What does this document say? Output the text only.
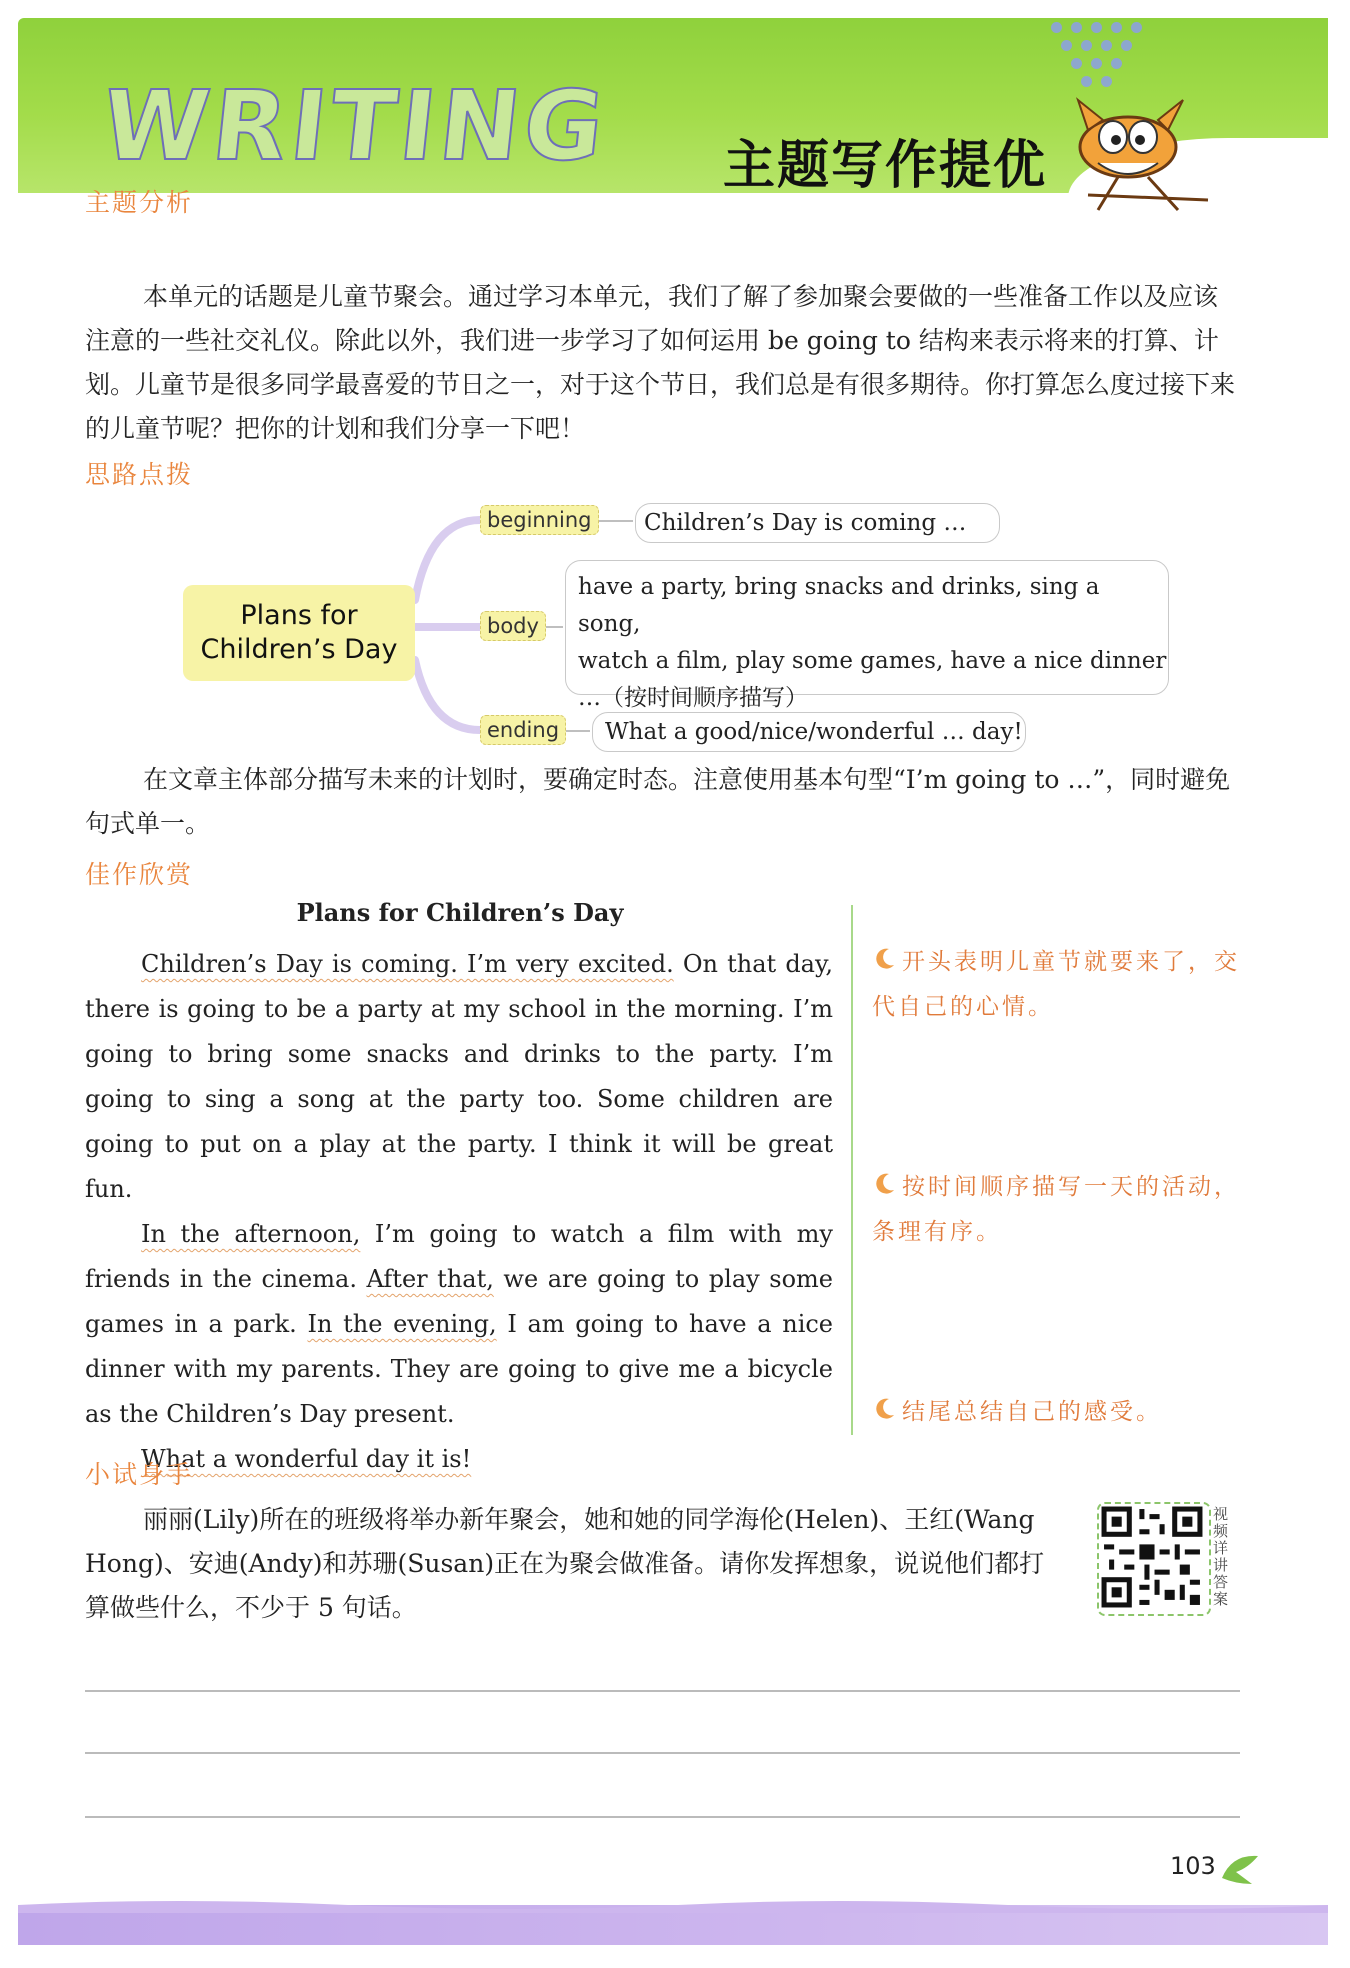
WRITING 主题写作提优
主题分析

本单元的话题是儿童节聚会。通过学习本单元，我们了解了参加聚会要做的一些准备工作以及应该注意的一些社交礼仪。除此以外，我们进一步学习了如何运用 be going to 结构来表示将来的打算、计划。儿童节是很多同学最喜爱的节日之一，对于这个节日，我们总是有很多期待。你打算怎么度过接下来的儿童节呢？把你的计划和我们分享一下吧！

思路点拨
Plans for
Children’s Day
beginning	Children’s Day is coming …
body
have a party, bring snacks and drinks, sing a song,
watch a film, play some games, have a nice dinner
…（按时间顺序描写）
ending	What a good/nice/wonderful … day!

在文章主体部分描写未来的计划时，要确定时态。注意使用基本句型“I’m going to …”，同时避免句式单一。

佳作欣赏
Plans for Children’s Day

Children’s Day is coming. I’m very excited. On that day, there is going to be a party at my school in the morning. I’m going to bring some snacks and drinks to the party. I’m going to sing a song at the party too. Some children are going to put on a play at the party. I think it will be great fun.

In the afternoon, I’m going to watch a film with my friends in the cinema. After that, we are going to play some games in a park. In the evening, I am going to have a nice dinner with my parents. They are going to give me a bicycle as the Children’s Day present.

What a wonderful day it is!

开头表明儿童节就要来了，交代自己的心情。
按时间顺序描写一天的活动，条理有序。
结尾总结自己的感受。
小试身手

丽丽(Lily)所在的班级将举办新年聚会，她和她的同学海伦(Helen)、王红(Wang Hong)、安迪(Andy)和苏珊(Susan)正在为聚会做准备。请你发挥想象，说说他们都打算做些什么，不少于 5 句话。

视频详讲答案
103
